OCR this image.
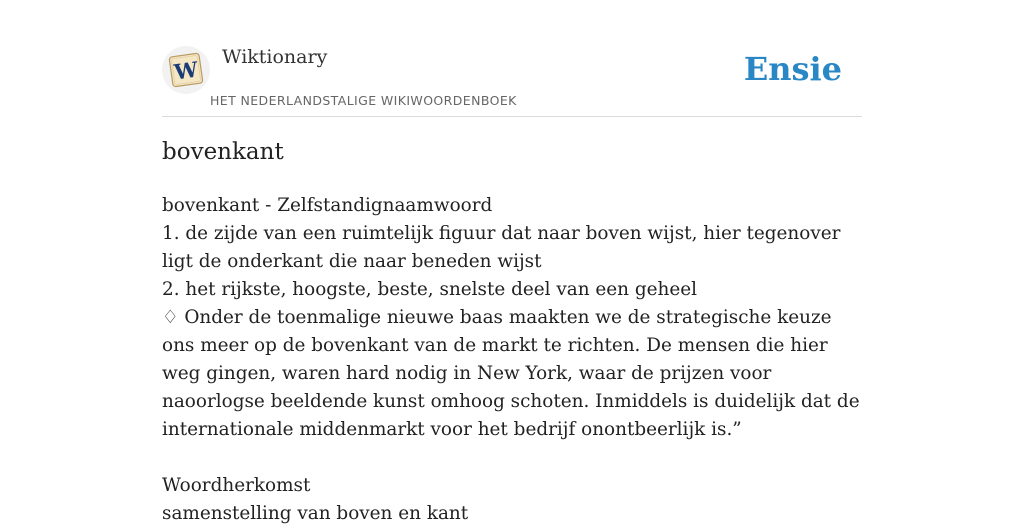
W Wiktionary
HET NEDERLANDSTALIGE WIKIWOORDENBOEK
Ensie
bovenkant

bovenkant - Zelfstandignaamwoord

1. de zijde van een ruimtelijk figuur dat naar boven wijst, hier tegenover ligt de onderkant die naar beneden wijst

2. het rijkste, hoogste, beste, snelste deel van een geheel

♢ Onder de toenmalige nieuwe baas maakten we de strategische keuze ons meer op de bovenkant van de markt te richten. De mensen die hier weg gingen, waren hard nodig in New York, waar de prijzen voor naoorlogse beeldende kunst omhoog schoten. Inmiddels is duidelijk dat de internationale middenmarkt voor het bedrijf onontbeerlijk is.”

Woordherkomst

samenstelling van boven en kant
